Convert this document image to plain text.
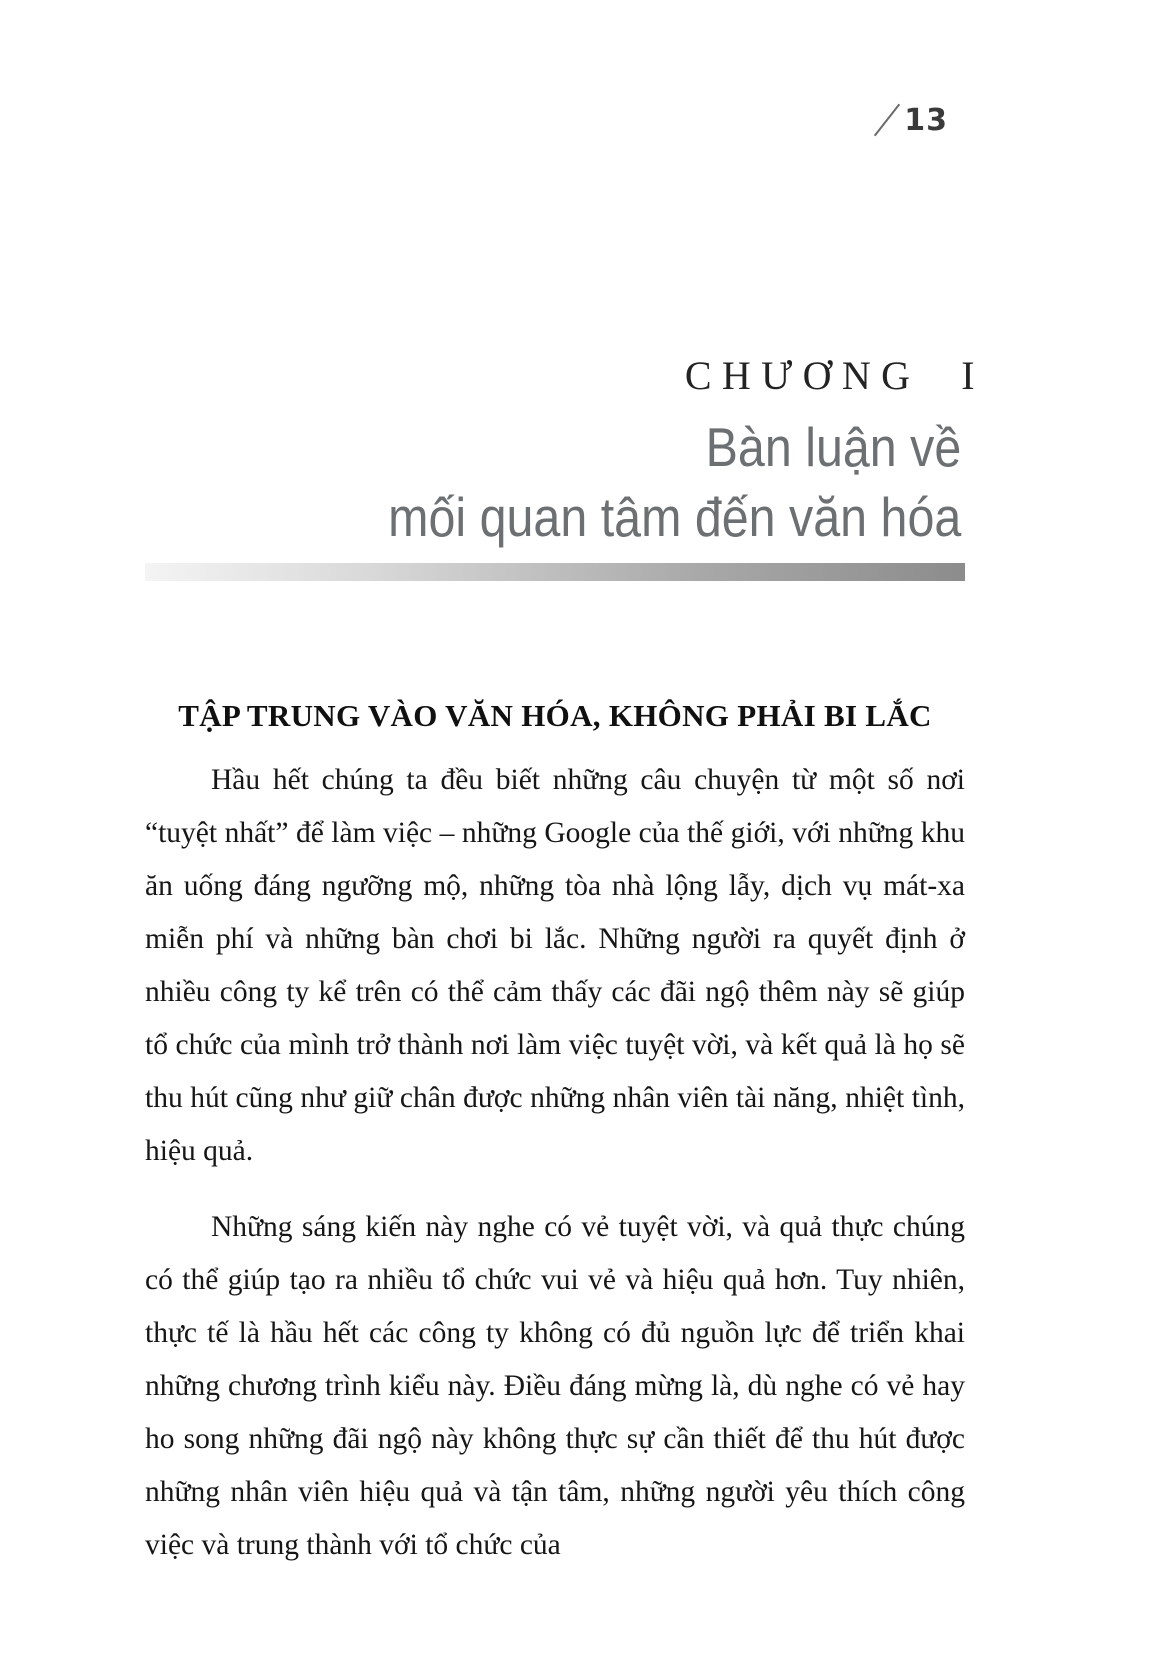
13
CHƯƠNG  I
Bàn luận về
mối quan tâm đến văn hóa
TẬP TRUNG VÀO VĂN HÓA, KHÔNG PHẢI BI LẮC

Hầu hết chúng ta đều biết những câu chuyện từ một số nơi “tuyệt nhất” để làm việc – những Google của thế giới, với những khu ăn uống đáng ngưỡng mộ, những tòa nhà lộng lẫy, dịch vụ mát-xa miễn phí và những bàn chơi bi lắc. Những người ra quyết định ở nhiều công ty kể trên có thể cảm thấy các đãi ngộ thêm này sẽ giúp tổ chức của mình trở thành nơi làm việc tuyệt vời, và kết quả là họ sẽ thu hút cũng như giữ chân được những nhân viên tài năng, nhiệt tình, hiệu quả.

Những sáng kiến này nghe có vẻ tuyệt vời, và quả thực chúng có thể giúp tạo ra nhiều tổ chức vui vẻ và hiệu quả hơn. Tuy nhiên, thực tế là hầu hết các công ty không có đủ nguồn lực để triển khai những chương trình kiểu này. Điều đáng mừng là, dù nghe có vẻ hay ho song những đãi ngộ này không thực sự cần thiết để thu hút được những nhân viên hiệu quả và tận tâm, những người yêu thích công việc và trung thành với tổ chức của
